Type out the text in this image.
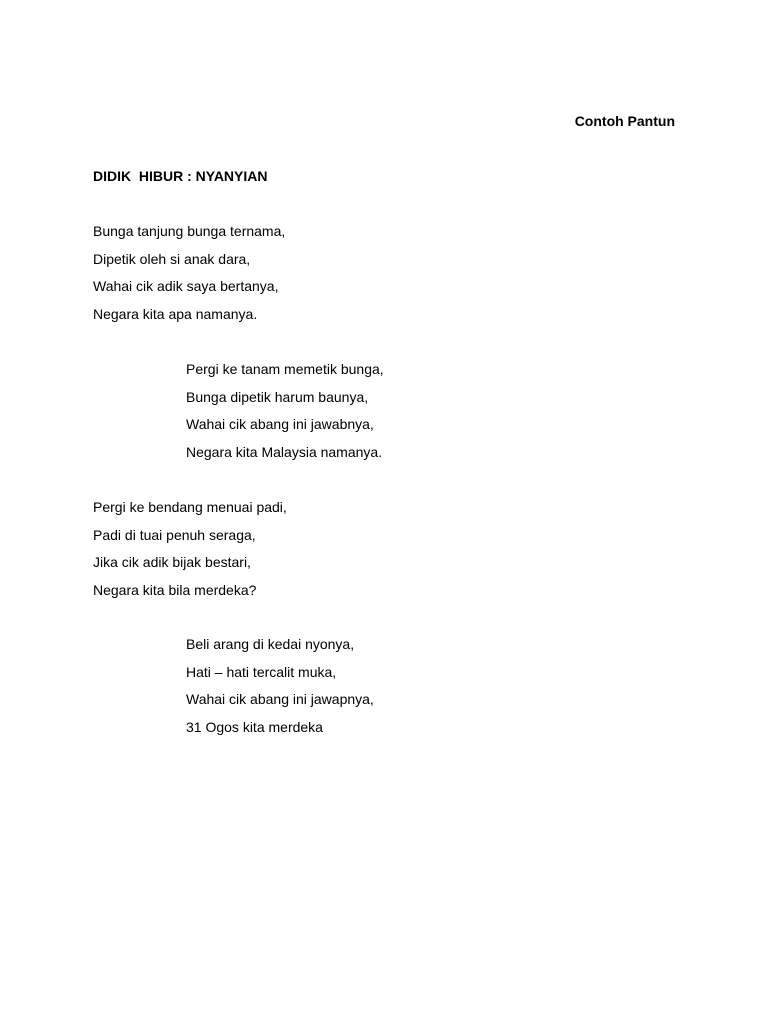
Contoh Pantun
DIDIK  HIBUR : NYANYIAN
Bunga tanjung bunga ternama,
Dipetik oleh si anak dara,
Wahai cik adik saya bertanya,
Negara kita apa namanya.
Pergi ke tanam memetik bunga,
Bunga dipetik harum baunya,
Wahai cik abang ini jawabnya,
Negara kita Malaysia namanya.
Pergi ke bendang menuai padi,
Padi di tuai penuh seraga,
Jika cik adik bijak bestari,
Negara kita bila merdeka?
Beli arang di kedai nyonya,
Hati – hati tercalit muka,
Wahai cik abang ini jawapnya,
31 Ogos kita merdeka
